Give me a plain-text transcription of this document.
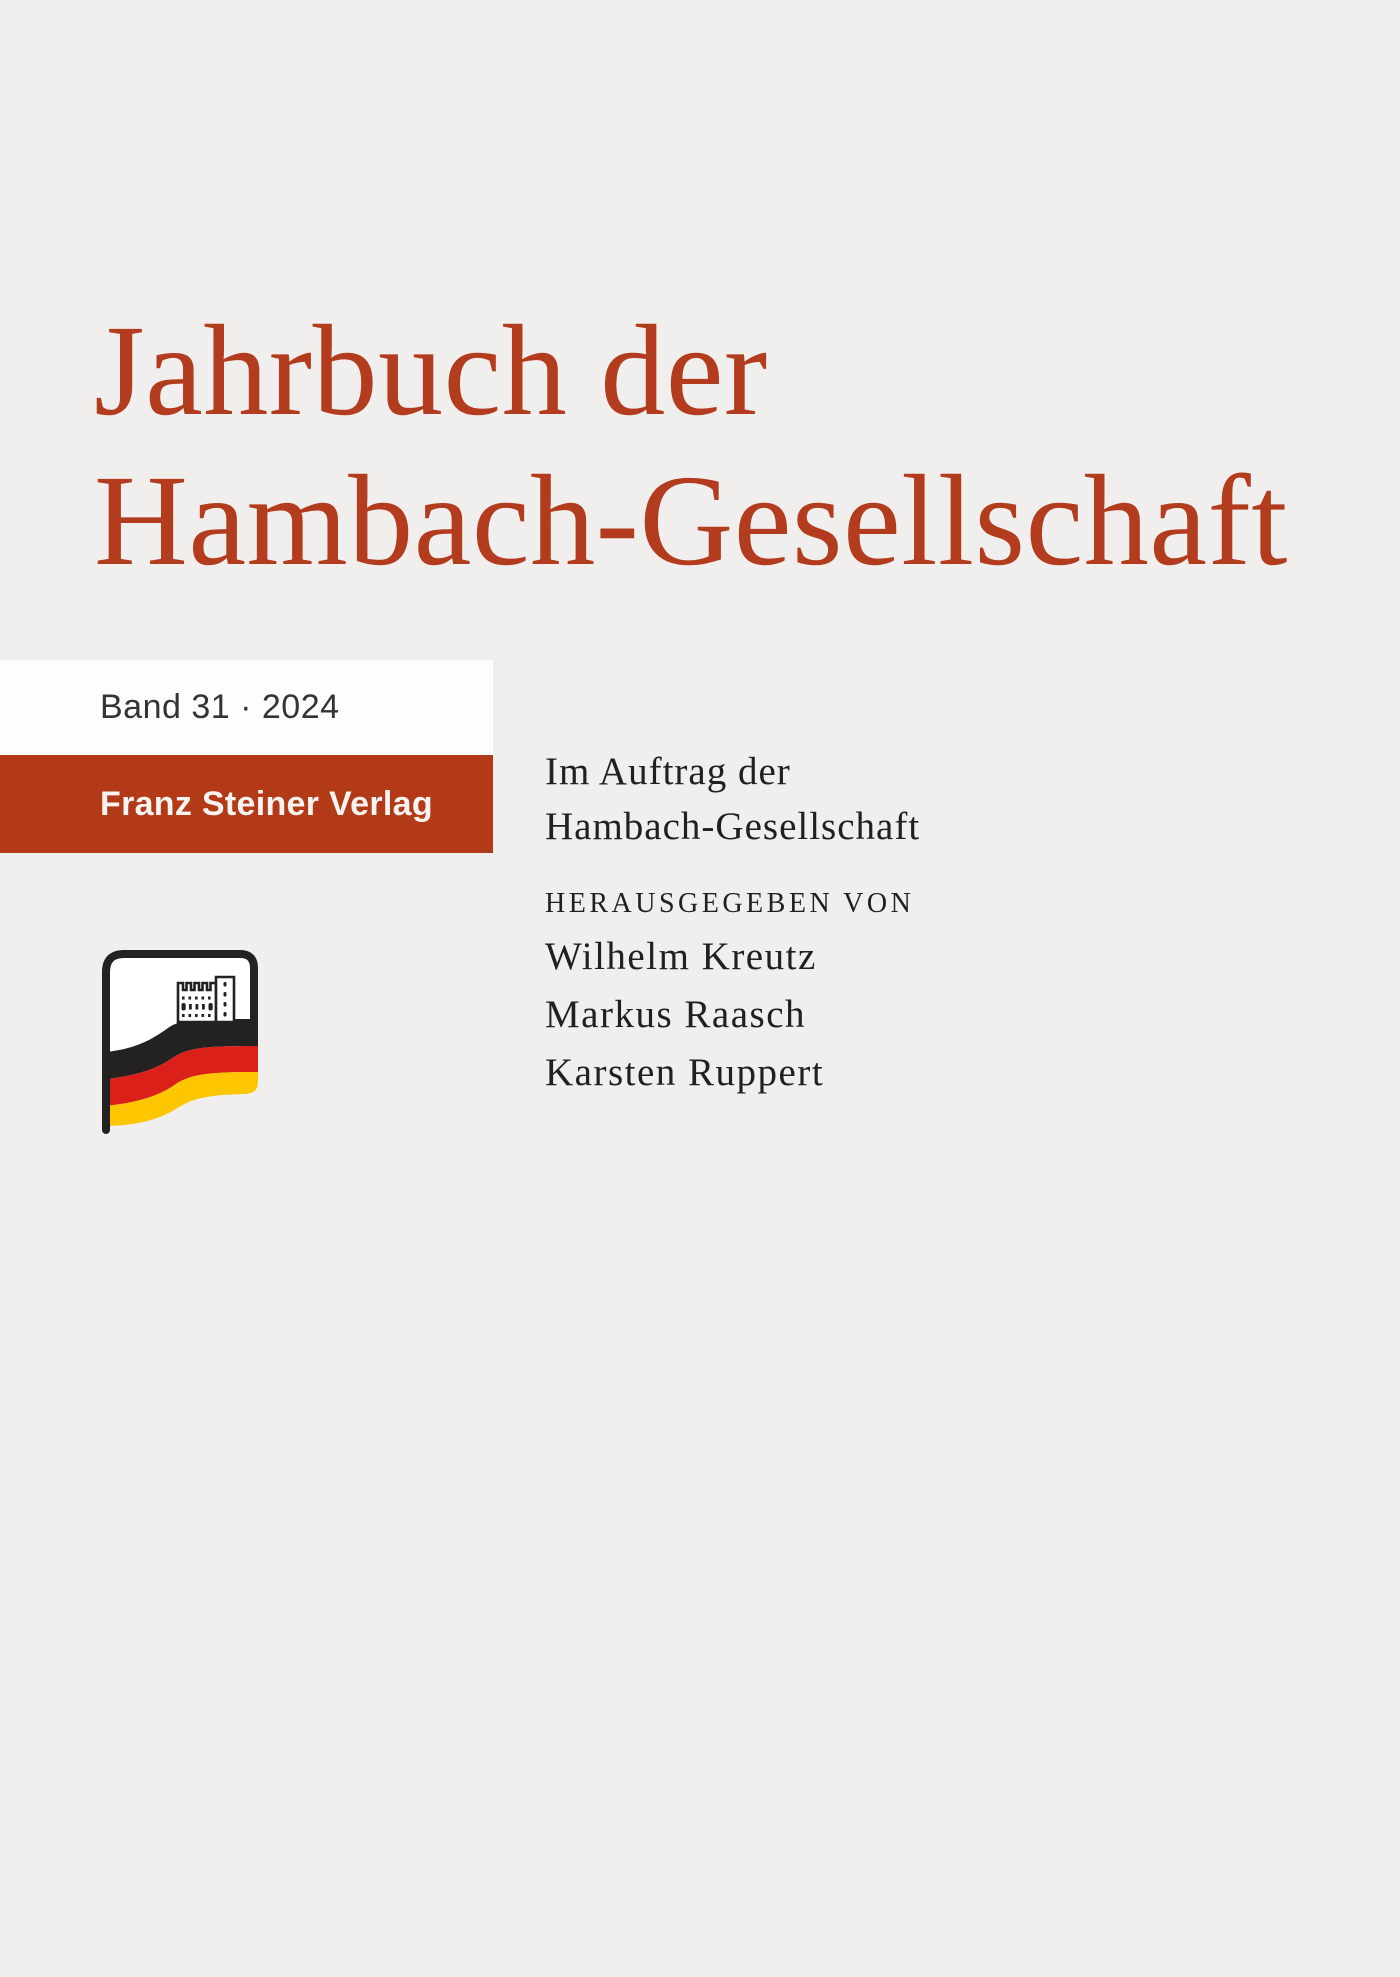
Jahrbuch der
Hambach-Gesellschaft
Band 31 · 2024
Franz Steiner Verlag
Im Auftrag der
Hambach-Gesellschaft
HERAUSGEGEBEN VON
Wilhelm Kreutz
Markus Raasch
Karsten Ruppert
